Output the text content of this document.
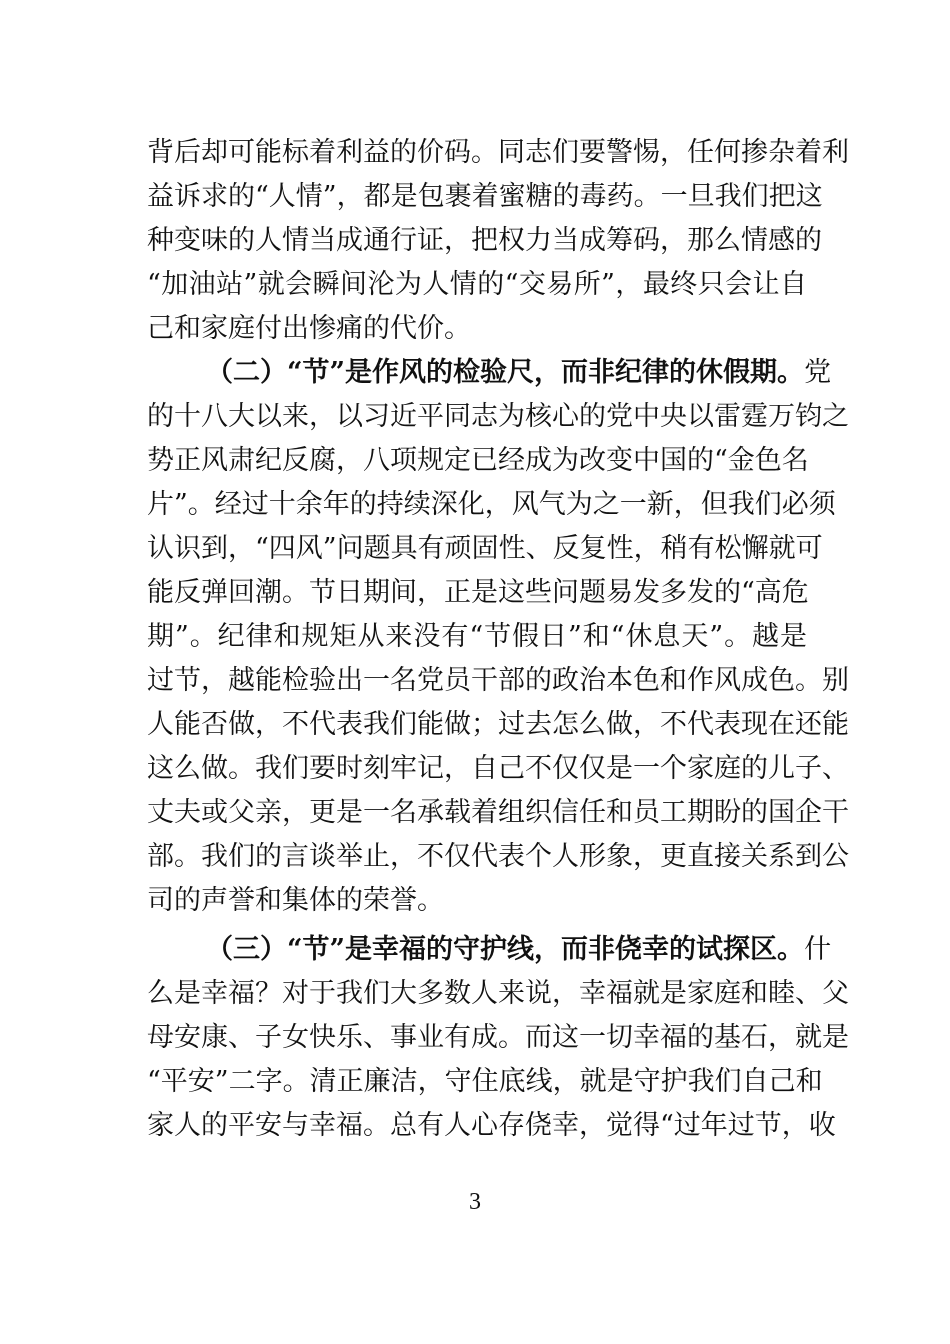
背后却可能标着利益的价码。同志们要警惕，任何掺杂着利
益诉求的“人情”，都是包裹着蜜糖的毒药。一旦我们把这
种变味的人情当成通行证，把权力当成筹码，那么情感的
“加油站”就会瞬间沦为人情的“交易所”，最终只会让自
己和家庭付出惨痛的代价。
（二）“节”是作风的检验尺，而非纪律的休假期。党
的十八大以来，以习近平同志为核心的党中央以雷霆万钧之
势正风肃纪反腐，八项规定已经成为改变中国的“金色名
片”。经过十余年的持续深化，风气为之一新，但我们必须
认识到，“四风”问题具有顽固性、反复性，稍有松懈就可
能反弹回潮。节日期间，正是这些问题易发多发的“高危
期”。纪律和规矩从来没有“节假日”和“休息天”。越是
过节，越能检验出一名党员干部的政治本色和作风成色。别
人能否做，不代表我们能做；过去怎么做，不代表现在还能
这么做。我们要时刻牢记，自己不仅仅是一个家庭的儿子、
丈夫或父亲，更是一名承载着组织信任和员工期盼的国企干
部。我们的言谈举止，不仅代表个人形象，更直接关系到公
司的声誉和集体的荣誉。
（三）“节”是幸福的守护线，而非侥幸的试探区。什
么是幸福？对于我们大多数人来说，幸福就是家庭和睦、父
母安康、子女快乐、事业有成。而这一切幸福的基石，就是
“平安”二字。清正廉洁，守住底线，就是守护我们自己和
家人的平安与幸福。总有人心存侥幸，觉得“过年过节，收
3
